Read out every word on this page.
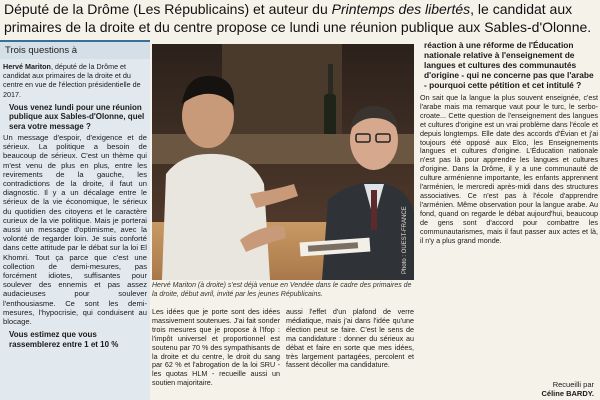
Député de la Drôme (Les Républicains) et auteur du Printemps des libertés, le candidat aux primaires de la droite et du centre propose ce lundi une réunion publique aux Sables-d'Olonne.
Trois questions à

Hervé Mariton, député de la Drôme et candidat aux primaires de la droite et du centre en vue de l'élection présidentielle de 2017.

Vous venez lundi pour une réunion publique aux Sables-d'Olonne, quel sera votre message ?

Un message d'espoir, d'exigence et de sérieux. La politique a besoin de beaucoup de sérieux. C'est un thème qui m'est venu de plus en plus, entre les revirements de la gauche, les contradictions de la droite, il faut un diagnostic. Il y a un décalage entre le sérieux de la vie économique, le sérieux du quotidien des citoyens et le caractère curieux de la vie politique. Mais je porterai aussi un message d'optimisme, avec la volonté de regarder loin. Je suis conforté dans cette attitude par le débat sur la loi El Khomri. Tout ça parce que c'est une collection de demi-mesures, pas forcément idiotes, suffisantes pour soulever des ennemis et pas assez audacieuses pour soulever l'enthousiasme. Ce sont les demi-mesures, l'hypocrisie, qui conduisent au blocage.

Vous estimez que vous rassemblerez entre 1 et 10 %

Photo : OUEST-FRANCE
Hervé Mariton (à droite) s'est déjà venue en Vendée dans le cadre des primaires de la droite, début avril, invité par les jeunes Républicains.
Les idées que je porte sont des idées massivement soutenues. J'ai fait sonder trois mesures que je propose à l'Ifop : l'impôt universel et proportionnel est soutenu par 70 % des sympathisants de la droite et du centre, le droit du sang par 62 % et l'abrogation de la loi SRU - les quotas HLM - recueille aussi un soutien majoritaire.
aussi l'effet d'un plafond de verre médiatique, mais j'ai dans l'idée qu'une élection peut se faire. C'est le sens de ma candidature : donner du sérieux au débat et faire en sorte que mes idées, très largement partagées, percolent et fassent décoller ma candidature.

réaction à une réforme de l'Éducation nationale relative à l'enseignement de langues et cultures des communautés d'origine - qui ne concerne pas que l'arabe - pourquoi cette pétition et cet intitulé ?

On sait que la langue la plus souvent enseignée, c'est l'arabe mais ma remarque vaut pour le turc, le serbo-croate... Cette question de l'enseignement des langues et cultures d'origine est un vrai problème dans l'école et depuis longtemps. Elle date des accords d'Évian et j'ai toujours été opposé aux Elco, les Enseignements langues et cultures d'origine. L'Éducation nationale n'est pas là pour apprendre les langues et cultures d'origine. Dans la Drôme, il y a une communauté de culture arménienne importante, les enfants apprennent l'arménien, le mercredi après-midi dans des structures associatives. Ce n'est pas à l'école d'apprendre l'arménien. Même observation pour la langue arabe. Au fond, quand on regarde le débat aujourd'hui, beaucoup de gens sont d'accord pour combattre les communautarismes, mais il faut passer aux actes et là, il n'y a plus grand monde.

Recueilli par
Céline BARDY.
